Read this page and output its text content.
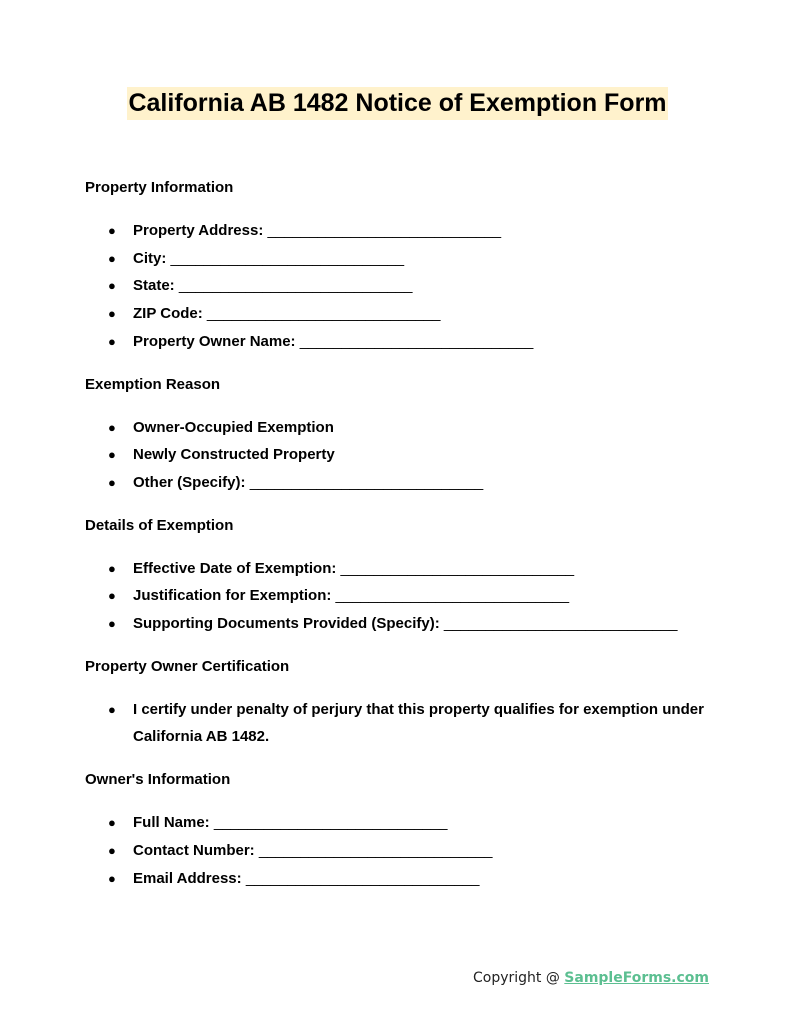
California AB 1482 Notice of Exemption Form

Property Information

● Property Address: ____________________________
● City: ____________________________
● State: ____________________________
● ZIP Code: ____________________________
● Property Owner Name: ____________________________

Exemption Reason

● Owner-Occupied Exemption
● Newly Constructed Property
● Other (Specify): ____________________________

Details of Exemption

● Effective Date of Exemption: ____________________________
● Justification for Exemption: ____________________________
● Supporting Documents Provided (Specify): ____________________________

Property Owner Certification

● I certify under penalty of perjury that this property qualifies for exemption under California AB 1482.

Owner's Information

● Full Name: ____________________________
● Contact Number: ____________________________
● Email Address: ____________________________
Copyright @ SampleForms.com
